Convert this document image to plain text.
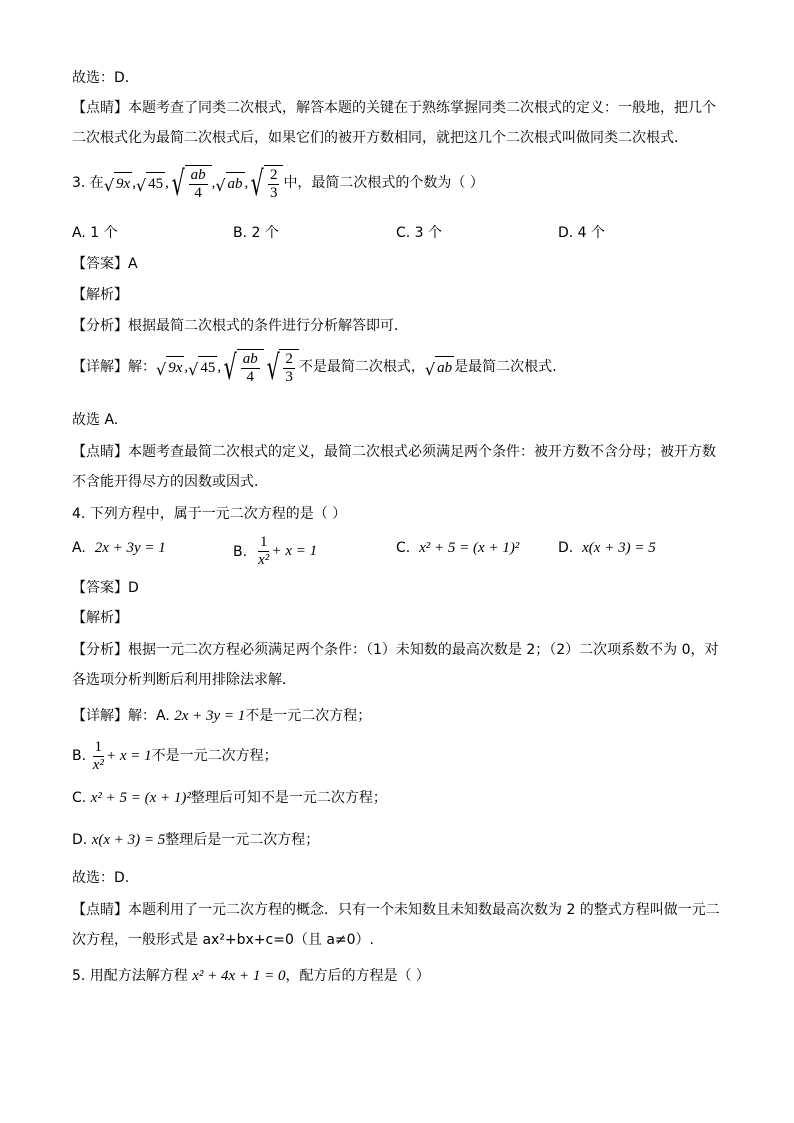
故选：D．
【点睛】本题考查了同类二次根式，解答本题的关键在于熟练掌握同类二次根式的定义：一般地，把几个
二次根式化为最简二次根式后，如果它们的被开方数相同，就把这几个二次根式叫做同类二次根式．
3. 在 √ 9x , √ 45 , √ $\frac{ab}{4}$ , √ ab , √ $\frac{2}{3}$ 中，最简二次根式的个数为（ ）
A. 1 个	B. 2 个	C. 3 个	D. 4 个
【答案】A
【解析】
【分析】根据最简二次根式的条件进行分析解答即可．
【详解】解： √ 9x , √ 45 , √ $\frac{ab}{4}$ √ $\frac{2}{3}$ 不是最简二次根式， √ ab 是最简二次根式.
故选 A.
【点睛】本题考查最简二次根式的定义，最简二次根式必须满足两个条件：被开方数不含分母；被开方数
不含能开得尽方的因数或因式．
4. 下列方程中，属于一元二次方程的是（ ）
A. 2x + 3y = 1	B.
$\frac{1}{\text{x²}} + x = 1$	C. x² + 5 = (x + 1)²	D. x(x + 3) = 5
【答案】D
【解析】
【分析】根据一元二次方程必须满足两个条件：（1）未知数的最高次数是 2；（2）二次项系数不为 0，对
各选项分析判断后利用排除法求解．
【详解】解：A. 2x + 3y = 1不是一元二次方程；
B.
$\frac{1}{\text{x²}} + x = 1$ 不是一元二次方程；
C. x² + 5 = (x + 1)²整理后可知不是一元二次方程；
D. x(x + 3) = 5整理后是一元二次方程；
故选：D.
【点睛】本题利用了一元二次方程的概念．只有一个未知数且未知数最高次数为 2 的整式方程叫做一元二
次方程，一般形式是 ax²+bx+c=0（且 a≠0）.
5. 用配方法解方程 x² + 4x + 1 = 0，配方后的方程是（ ）
